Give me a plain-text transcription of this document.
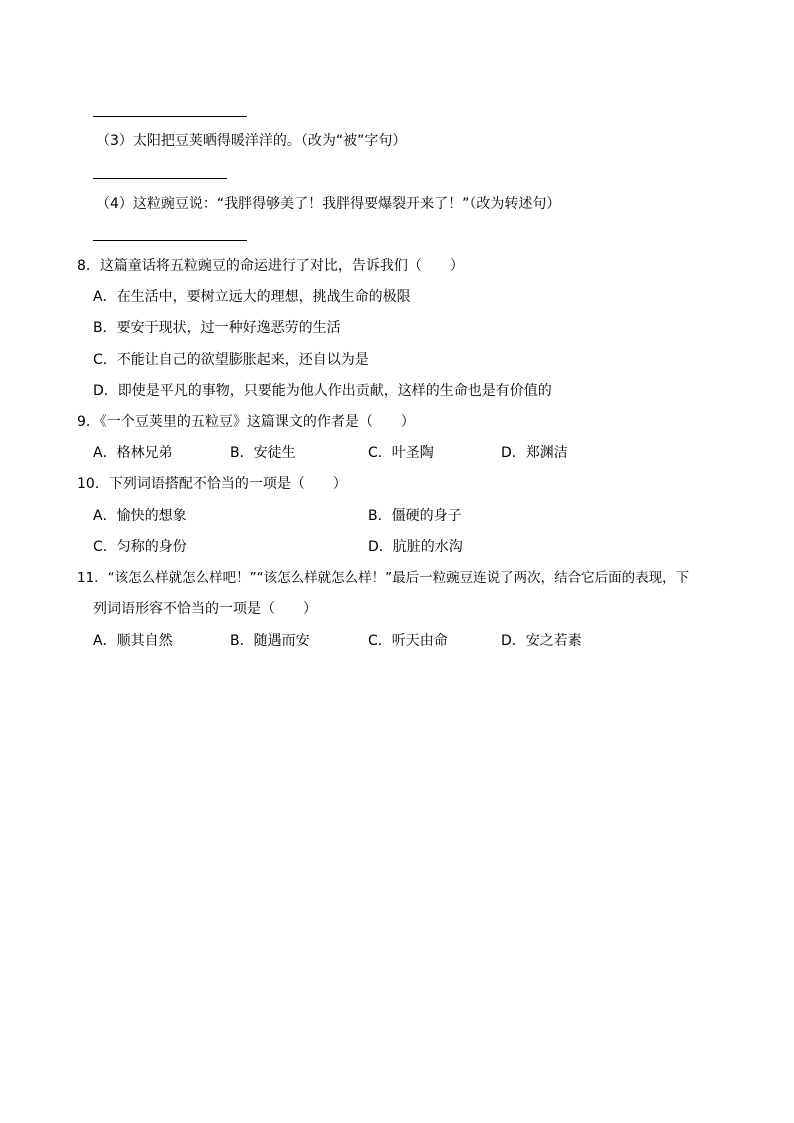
（3）太阳把豆荚晒得暖洋洋的。（改为“被”字句）
（4）这粒豌豆说：“我胖得够美了！我胖得要爆裂开来了！”（改为转述句）
8．这篇童话将五粒豌豆的命运进行了对比，告诉我们（　　）
A．在生活中，要树立远大的理想，挑战生命的极限
B．要安于现状，过一种好逸恶劳的生活
C．不能让自己的欲望膨胀起来，还自以为是
D．即使是平凡的事物，只要能为他人作出贡献，这样的生命也是有价值的
9．《一个豆荚里的五粒豆》这篇课文的作者是（　　）
A．格林兄弟	B．安徒生	C．叶圣陶	D．郑渊洁
10．下列词语搭配不恰当的一项是（　　）
A．愉快的想象	B．僵硬的身子
C．匀称的身份	D．肮脏的水沟
11．“该怎么样就怎么样吧！”“该怎么样就怎么样！”最后一粒豌豆连说了两次，结合它后面的表现，下
列词语形容不恰当的一项是（　　）
A．顺其自然	B．随遇而安	C．听天由命	D．安之若素
